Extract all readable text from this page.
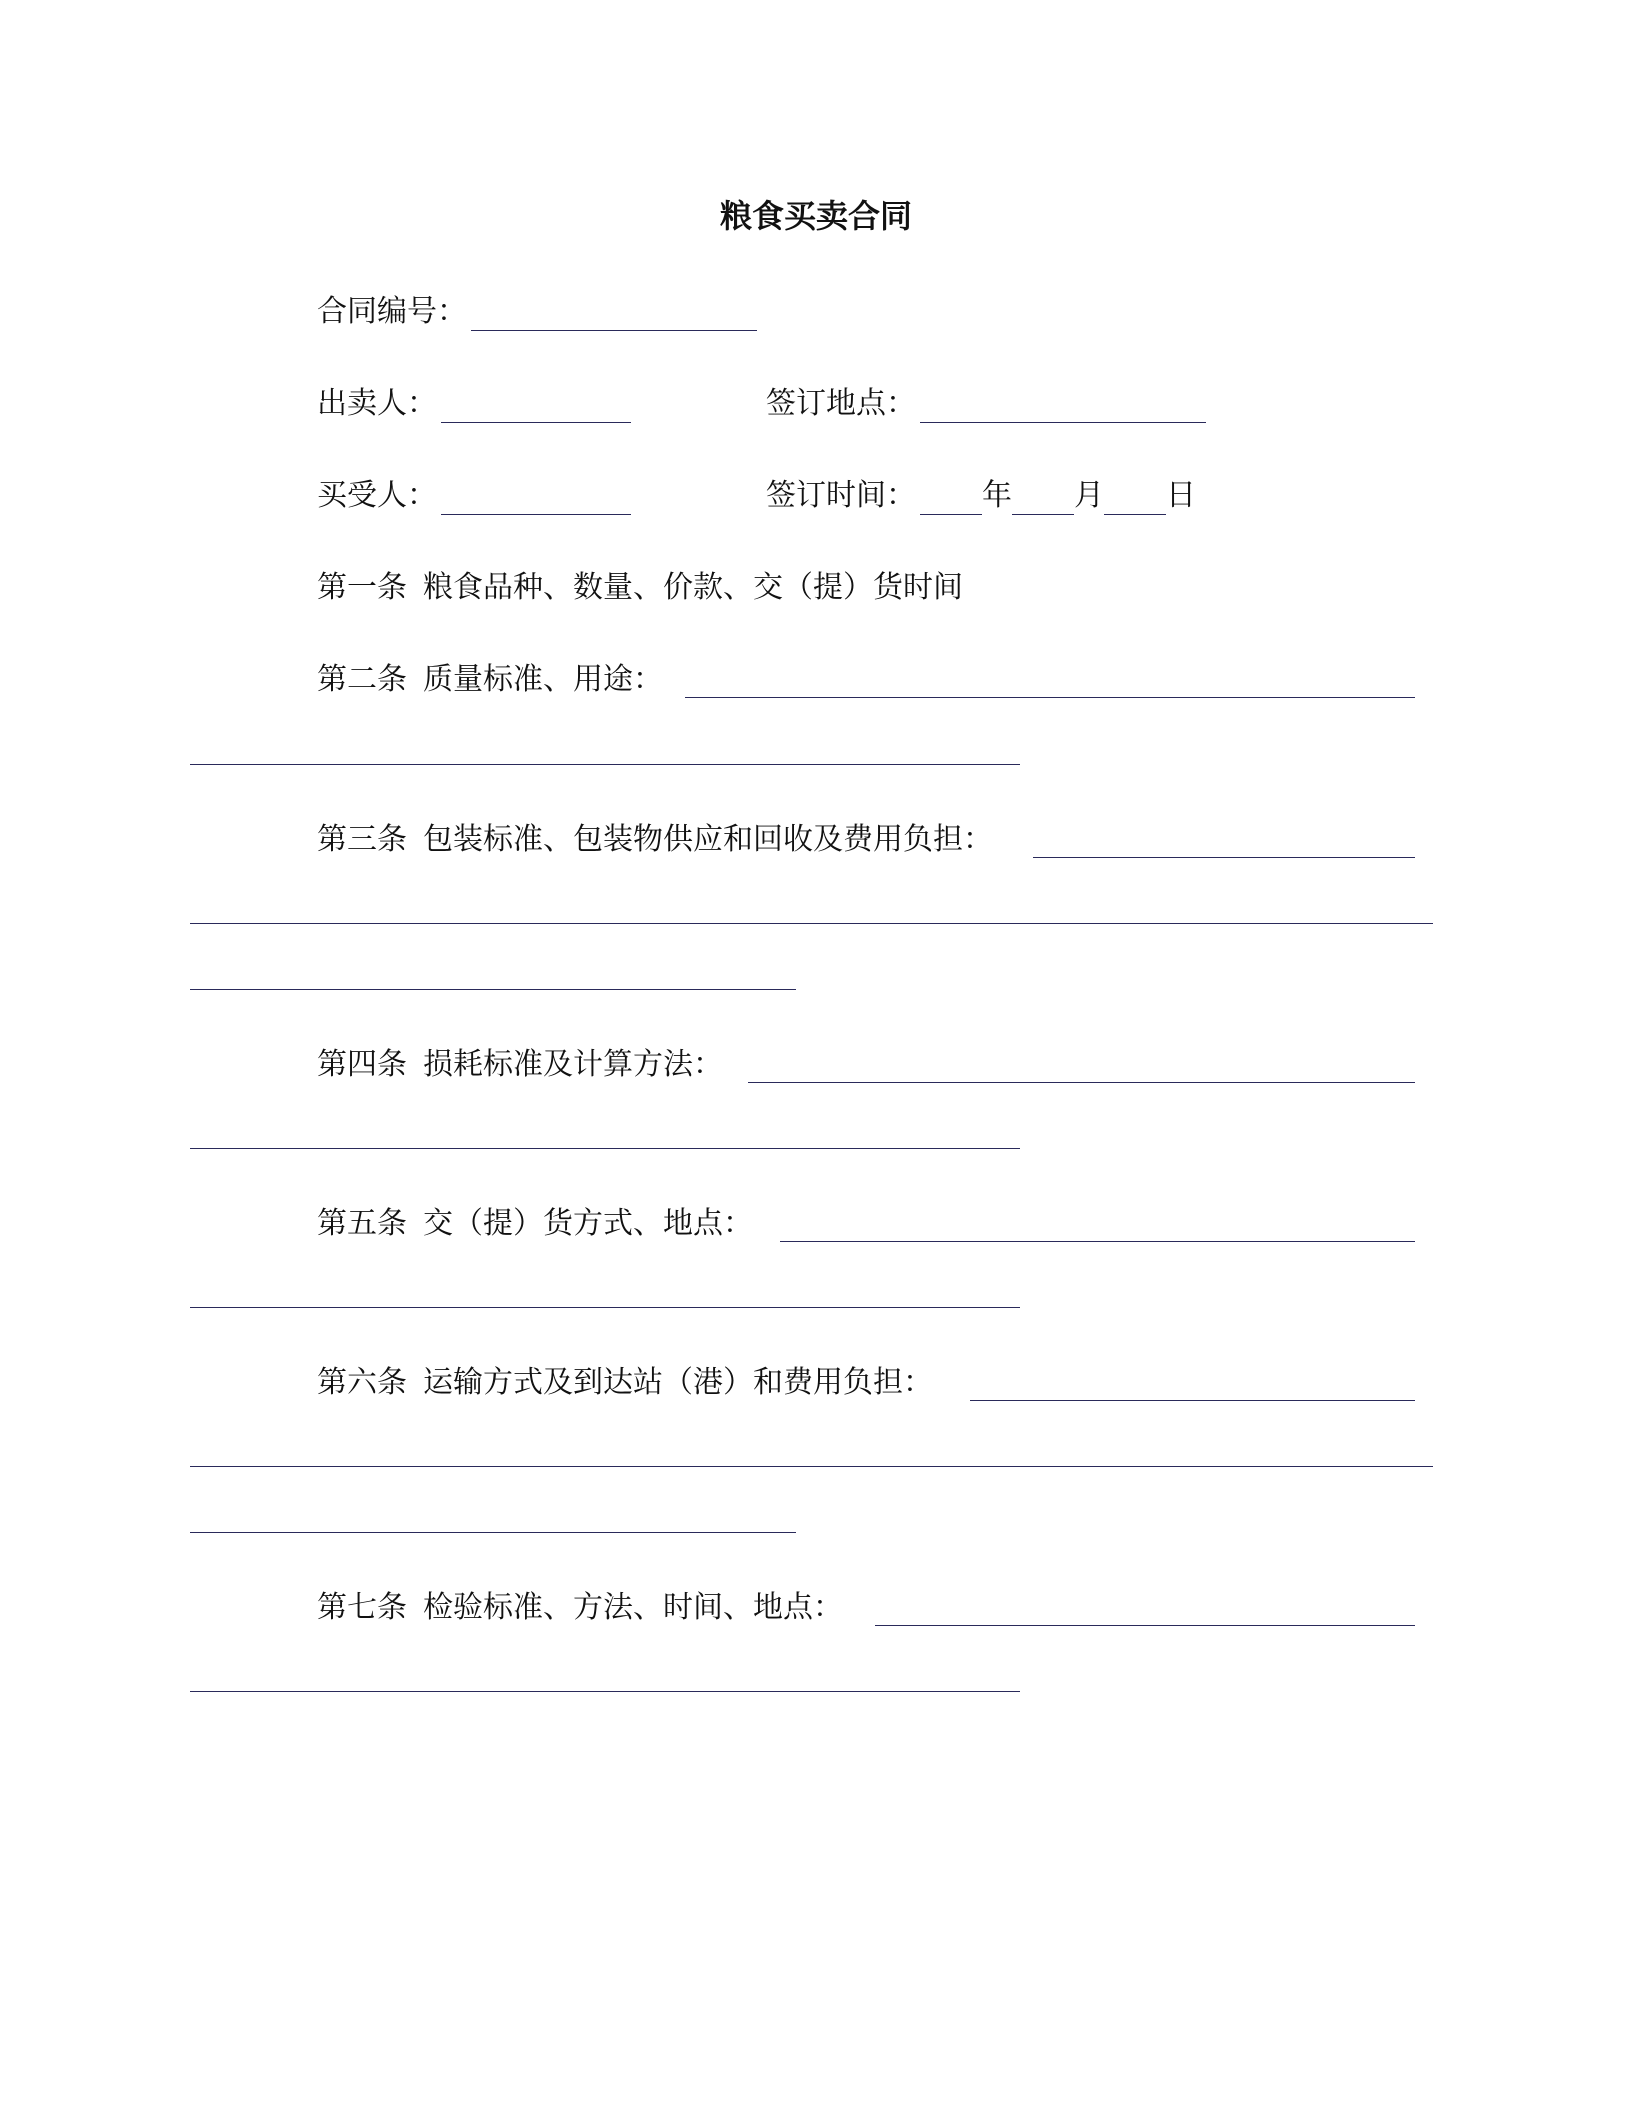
粮食买卖合同
合同编号：
出卖人：	签订地点：
买受人：	签订时间： 年 月 日
第一条 粮食品种、数量、价款、交（提）货时间
第二条 质量标准、用途：
第三条 包装标准、包装物供应和回收及费用负担：
第四条 损耗标准及计算方法：
第五条 交（提）货方式、地点：
第六条 运输方式及到达站（港）和费用负担：
第七条 检验标准、方法、时间、地点：
